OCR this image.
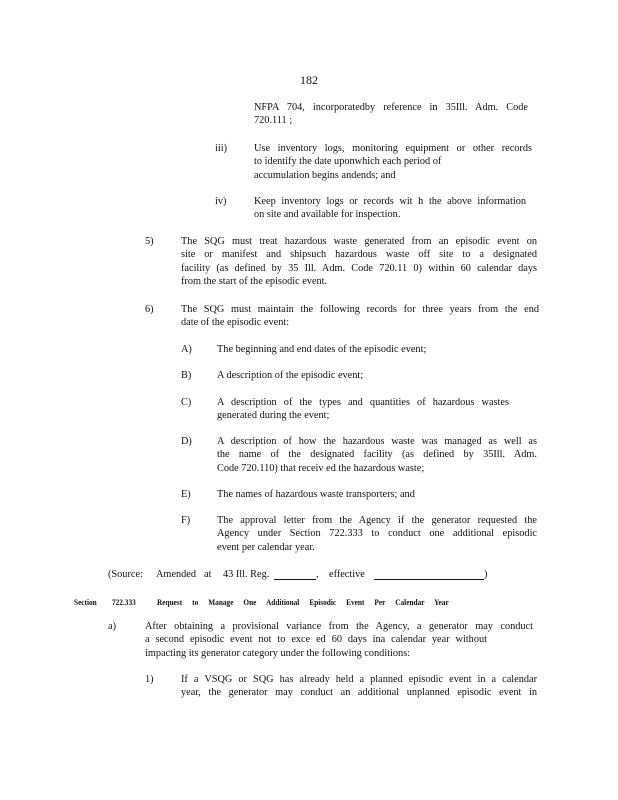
182
NFPA 704, incorporatedby reference in 35Ill. Adm. Code
720.111 ;
iii)	Use inventory logs, monitoring equipment or other records
to identify the date uponwhich each period of
accumulation begins andends; and
iv)	Keep inventory logs or records wit h the above information
on site and available for inspection.
5)	The SQG must treat hazardous waste generated from an episodic event on
site or manifest and shipsuch hazardous waste off site to a designated
facility (as defined by 35 Ill. Adm. Code 720.11 0) within 60 calendar days
from the start of the episodic event.
6)	The SQG must maintain the following records for three years from the end
date of the episodic event:
A) The beginning and end dates of the episodic event;
B) A description of the episodic event;
C) A description of the types and quantities of hazardous wastes
generated during the event;
D) A description of how the hazardous waste was managed as well as
the name of the designated facility (as defined by 35Ill. Adm.
Code 720.110) that receiv ed the hazardous waste;
E)	The names of hazardous waste transporters; and
F)	The approval letter from the Agency if the generator requested the
Agency under Section 722.333 to conduct one additional episodic
event per calendar year.
(Source: Amended at 43 Ill. Reg.	, effective	)
Section 722.333 Request to Manage One Additional Episodic Event Per Calendar Year
a)	After obtaining a provisional variance from the Agency, a generator may conduct
a second episodic event not to exce ed 60 days ina calendar year without
impacting its generator category under the following conditions:
1)	If a VSQG or SQG has already held a planned episodic event in a calendar
year, the generator may conduct an additional unplanned episodic event in
